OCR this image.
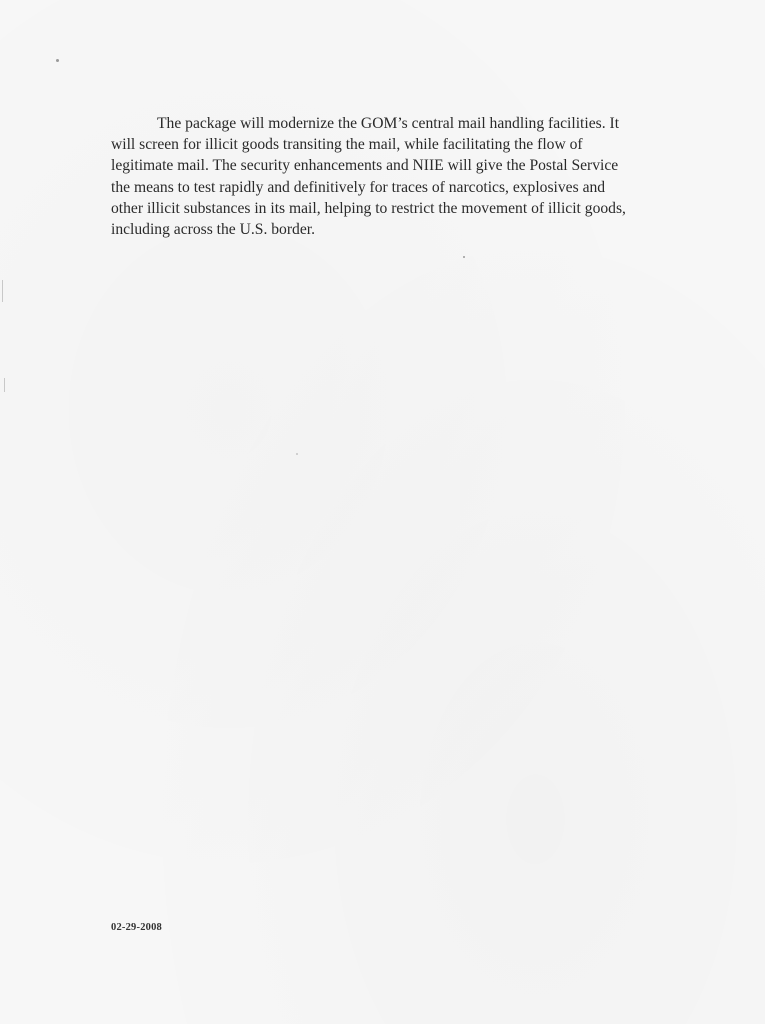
The package will modernize the GOM’s central mail handling facilities. It
will screen for illicit goods transiting the mail, while facilitating the flow of
legitimate mail. The security enhancements and NIIE will give the Postal Service
the means to test rapidly and definitively for traces of narcotics, explosives and
other illicit substances in its mail, helping to restrict the movement of illicit goods,
including across the U.S. border.

02-29-2008
